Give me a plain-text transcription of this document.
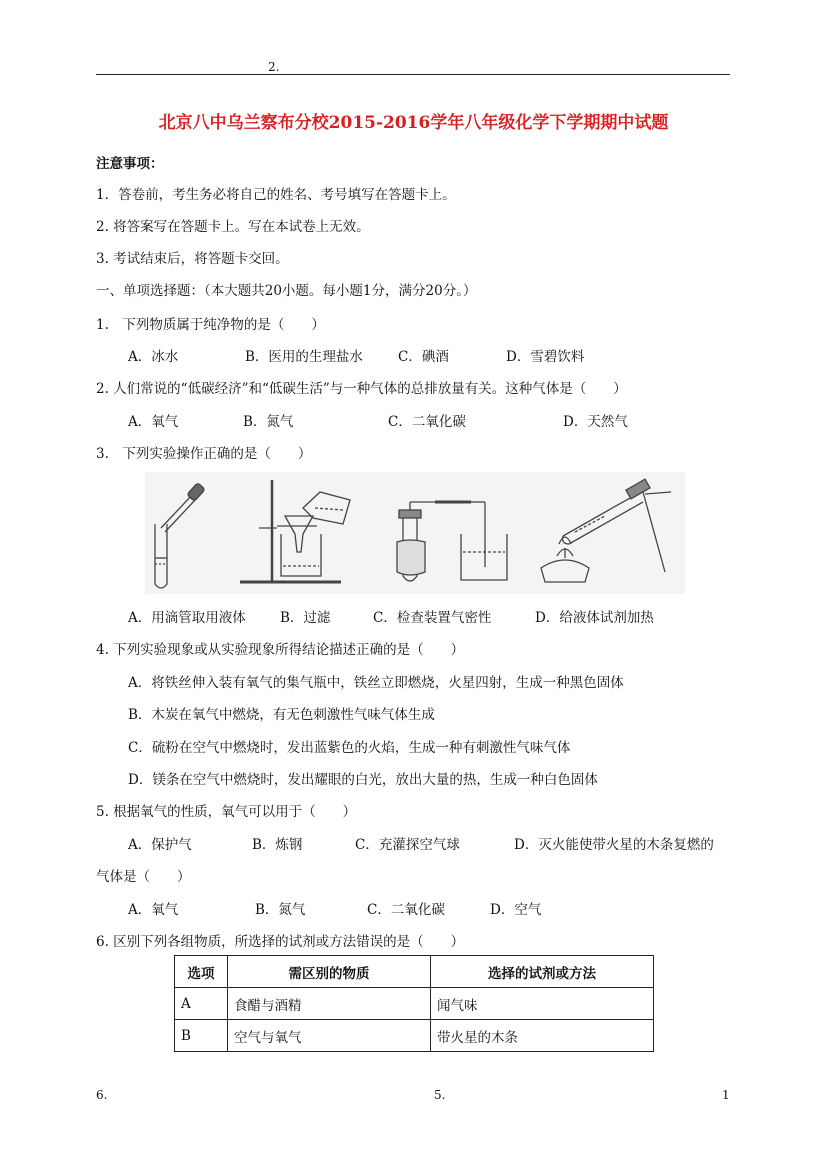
2.
北京八中乌兰察布分校2015-2016学年八年级化学下学期期中试题
注意事项：
1．答卷前，考生务必将自己的姓名、考号填写在答题卡上。
2. 将答案写在答题卡上。写在本试卷上无效。
3. 考试结束后，将答题卡交回。
一、单项选择题：（本大题共20小题。每小题1分，满分20分。）
1.　下列物质属于纯净物的是（　　）
A．冰水	B．医用的生理盐水	C．碘酒	D．雪碧饮料
2. 人们常说的“低碳经济”和“低碳生活”与一种气体的总排放量有关。这种气体是（　　）
A．氧气	B．氮气	C．二氧化碳	D．天然气
3.　下列实验操作正确的是（　　）
A．用滴管取用液体	B．过滤	C．检查装置气密性	D．给液体试剂加热
4. 下列实验现象或从实验现象所得结论描述正确的是（　　）
A．将铁丝伸入装有氧气的集气瓶中，铁丝立即燃烧，火星四射，生成一种黑色固体
B．木炭在氧气中燃烧，有无色刺激性气味气体生成
C．硫粉在空气中燃烧时，发出蓝紫色的火焰，生成一种有刺激性气味气体
D．镁条在空气中燃烧时，发出耀眼的白光，放出大量的热，生成一种白色固体
5. 根据氧气的性质，氧气可以用于（　　）
A．保护气	B．炼钢	C．充灌探空气球	D．灭火能使带火星的木条复燃的
气体是（　　）
A．氧气	B．氮气	C．二氧化碳	D．空气
6. 区别下列各组物质，所选择的试剂或方法错误的是（　　）
选项	需区别的物质	选择的试剂或方法
A	食醋与酒精	闻气味
B	空气与氧气	带火星的木条
6.	5.	1
